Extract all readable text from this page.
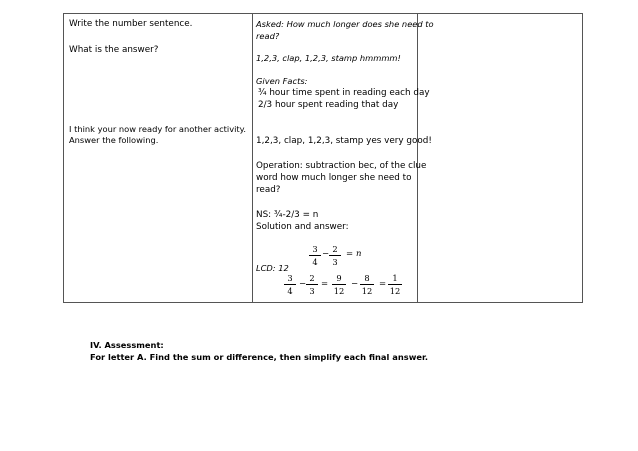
Write the number sentence.
What is the answer?
I think your now ready for another activity.
Answer the following.
Asked: How much longer does she need to
read?
1,2,3, clap, 1,2,3, stamp hmmmm!
Given Facts:
¾ hour time spent in reading each day
2/3 hour spent reading that day
1,2,3, clap, 1,2,3, stamp yes very good!
Operation: subtraction bec, of the clue
word how much longer she need to
read?
NS: ¾-2/3 = n
Solution and answer:
3
4
− 2
3
= n
LCD: 12
3
4
−
2
3
=
9
12
−
8
12
=
1
12
IV. Assessment:
For letter A. Find the sum or difference, then simplify each final answer.
